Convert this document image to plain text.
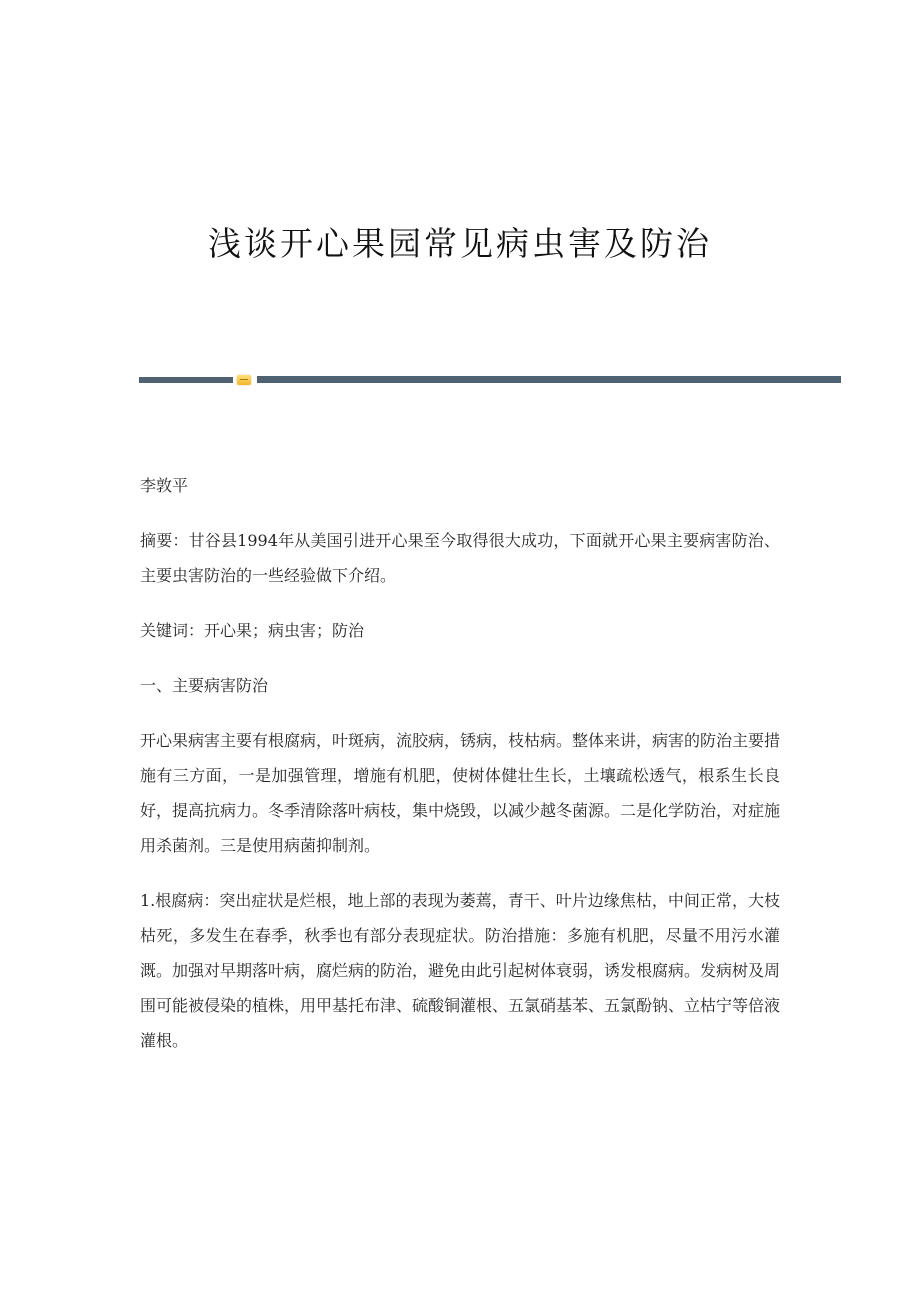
浅谈开心果园常见病虫害及防治

李敦平

摘要：甘谷县1994年从美国引进开心果至今取得很大成功，下面就开心果主要病害防治、主要虫害防治的一些经验做下介绍。

关键词：开心果；病虫害；防治

一、主要病害防治

开心果病害主要有根腐病，叶斑病，流胶病，锈病，枝枯病。整体来讲，病害的防治主要措施有三方面，一是加强管理，增施有机肥，使树体健壮生长，土壤疏松透气，根系生长良好，提高抗病力。冬季清除落叶病枝，集中烧毁，以减少越冬菌源。二是化学防治，对症施用杀菌剂。三是使用病菌抑制剂。

1.根腐病：突出症状是烂根，地上部的表现为萎蔫，青干、叶片边缘焦枯，中间正常，大枝枯死，多发生在春季，秋季也有部分表现症状。防治措施：多施有机肥，尽量不用污水灌溉。加强对早期落叶病，腐烂病的防治，避免由此引起树体衰弱，诱发根腐病。发病树及周围可能被侵染的植株，用甲基托布津、硫酸铜灌根、五氯硝基苯、五氯酚钠、立枯宁等倍液灌根。
